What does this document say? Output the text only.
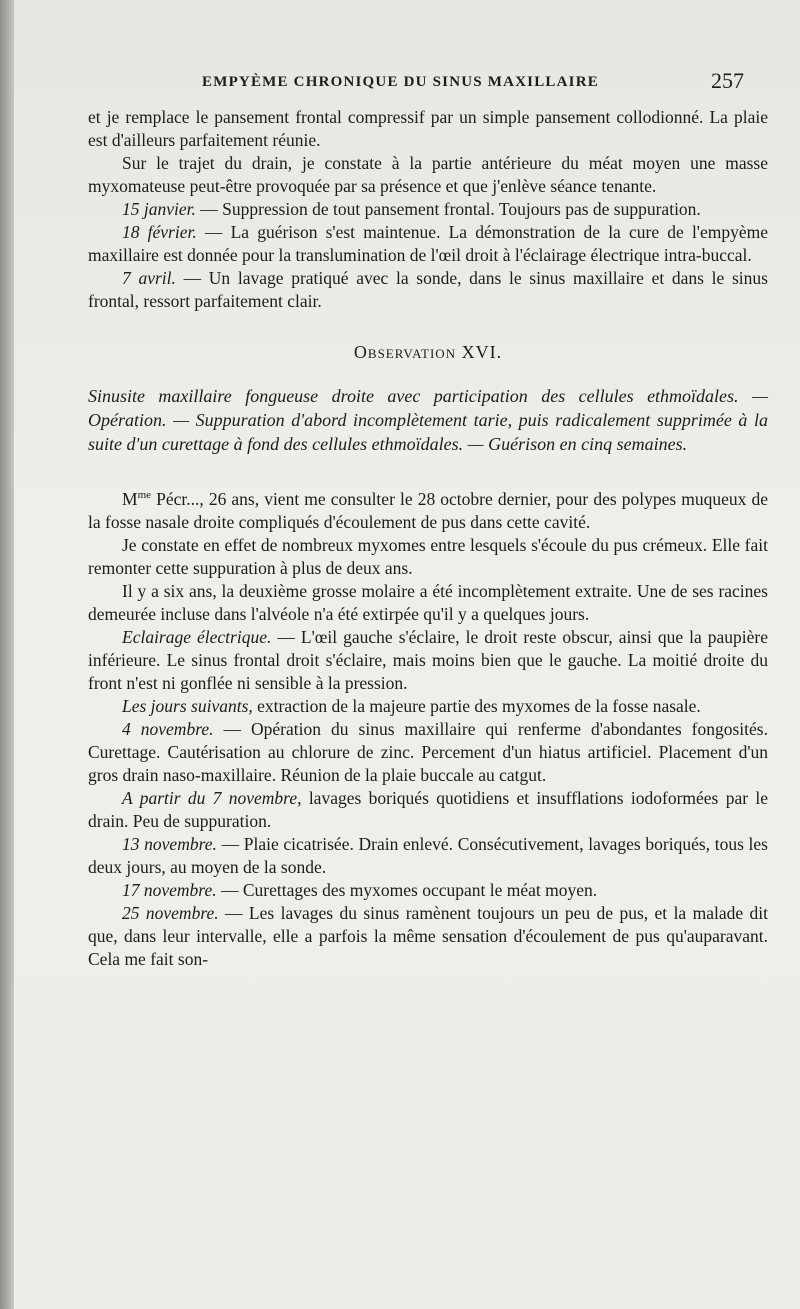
EMPYÈME CHRONIQUE DU SINUS MAXILLAIRE	257

et je remplace le pansement frontal compressif par un simple pansement collodionné. La plaie est d'ailleurs parfaitement réunie.

Sur le trajet du drain, je constate à la partie antérieure du méat moyen une masse myxomateuse peut-être provoquée par sa présence et que j'enlève séance tenante.

15 janvier. — Suppression de tout pansement frontal. Toujours pas de suppuration.

18 février. — La guérison s'est maintenue. La démonstration de la cure de l'empyème maxillaire est donnée pour la translumination de l'œil droit à l'éclairage électrique intra-buccal.

7 avril. — Un lavage pratiqué avec la sonde, dans le sinus maxillaire et dans le sinus frontal, ressort parfaitement clair.

Observation XVI.
Sinusite maxillaire fongueuse droite avec participation des cellules ethmoïdales. — Opération. — Suppuration d'abord incomplètement tarie, puis radicalement supprimée à la suite d'un curettage à fond des cellules ethmoïdales. — Guérison en cinq semaines.

$M^{me}$ Pécr..., 26 ans, vient me consulter le 28 octobre dernier, pour des polypes muqueux de la fosse nasale droite compliqués d'écoulement de pus dans cette cavité.

Je constate en effet de nombreux myxomes entre lesquels s'écoule du pus crémeux. Elle fait remonter cette suppuration à plus de deux ans.

Il y a six ans, la deuxième grosse molaire a été incomplètement extraite. Une de ses racines demeurée incluse dans l'alvéole n'a été extirpée qu'il y a quelques jours.

Eclairage électrique. — L'œil gauche s'éclaire, le droit reste obscur, ainsi que la paupière inférieure. Le sinus frontal droit s'éclaire, mais moins bien que le gauche. La moitié droite du front n'est ni gonflée ni sensible à la pression.

Les jours suivants, extraction de la majeure partie des myxomes de la fosse nasale.

4 novembre. — Opération du sinus maxillaire qui renferme d'abondantes fongosités. Curettage. Cautérisation au chlorure de zinc. Percement d'un hiatus artificiel. Placement d'un gros drain naso-maxillaire. Réunion de la plaie buccale au catgut.

A partir du 7 novembre, lavages boriqués quotidiens et insufflations iodoformées par le drain. Peu de suppuration.

13 novembre. — Plaie cicatrisée. Drain enlevé. Consécutivement, lavages boriqués, tous les deux jours, au moyen de la sonde.

17 novembre. — Curettages des myxomes occupant le méat moyen.

25 novembre. — Les lavages du sinus ramènent toujours un peu de pus, et la malade dit que, dans leur intervalle, elle a parfois la même sensation d'écoulement de pus qu'auparavant. Cela me fait son-
